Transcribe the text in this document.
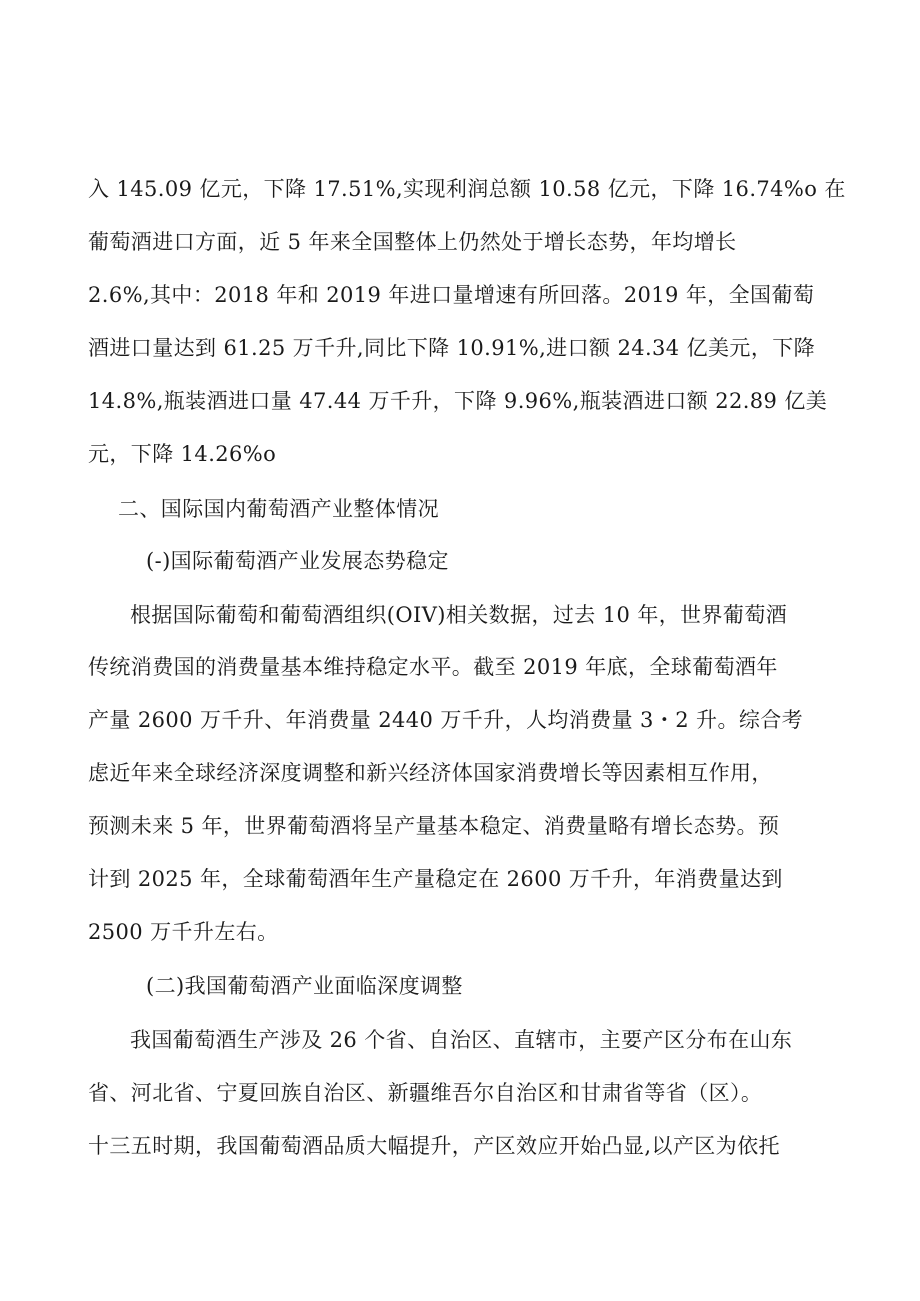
入 145.09 亿元，下降 17.51%,实现利润总额 10.58 亿元，下降 16.74%o 在
葡萄酒进口方面，近 5 年来全国整体上仍然处于增长态势，年均增长
2.6%,其中：2018 年和 2019 年进口量增速有所回落。2019 年，全国葡萄
酒进口量达到 61.25 万千升,同比下降 10.91%,进口额 24.34 亿美元，下降
14.8%,瓶装酒进口量 47.44 万千升，下降 9.96%,瓶装酒进口额 22.89 亿美
元，下降 14.26%o
二、国际国内葡萄酒产业整体情况
(-)国际葡萄酒产业发展态势稳定
根据国际葡萄和葡萄酒组织(OIV)相关数据，过去 10 年，世界葡萄酒
传统消费国的消费量基本维持稳定水平。截至 2019 年底，全球葡萄酒年
产量 2600 万千升、年消费量 2440 万千升，人均消费量 3・2 升。综合考
虑近年来全球经济深度调整和新兴经济体国家消费增长等因素相互作用，
预测未来 5 年，世界葡萄酒将呈产量基本稳定、消费量略有增长态势。预
计到 2025 年，全球葡萄酒年生产量稳定在 2600 万千升，年消费量达到
2500 万千升左右。
(二)我国葡萄酒产业面临深度调整
我国葡萄酒生产涉及 26 个省、自治区、直辖市，主要产区分布在山东
省、河北省、宁夏回族自治区、新疆维吾尔自治区和甘肃省等省（区）。
十三五时期，我国葡萄酒品质大幅提升，产区效应开始凸显,以产区为依托
